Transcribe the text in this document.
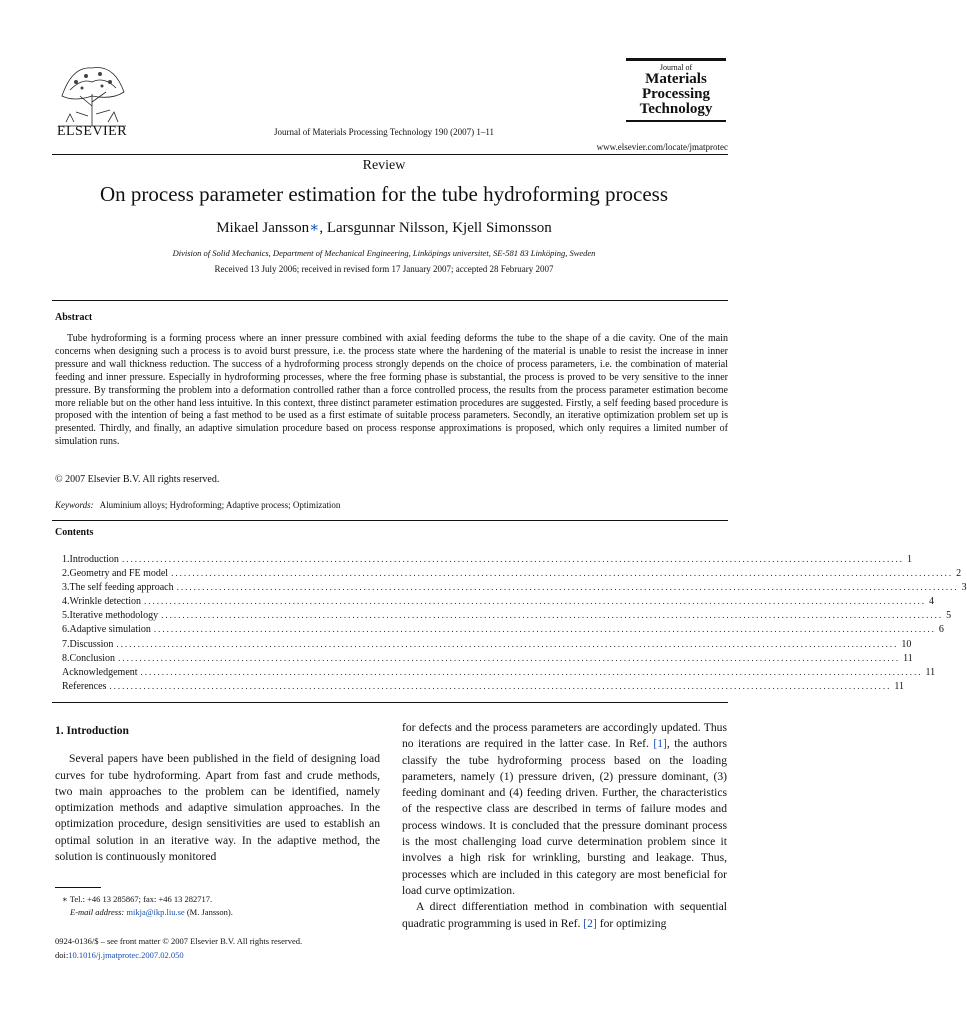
ELSEVIER	Journal of Materials Processing Technology 190 (2007) 1–11
Journal of
Materials
Processing
Technology
www.elsevier.com/locate/jmatprotec
Review
On process parameter estimation for the tube hydroforming process
Mikael Jansson∗, Larsgunnar Nilsson, Kjell Simonsson
Division of Solid Mechanics, Department of Mechanical Engineering, Linköpings universitet, SE-581 83 Linköping, Sweden
Received 13 July 2006; received in revised form 17 January 2007; accepted 28 February 2007
Abstract
Tube hydroforming is a forming process where an inner pressure combined with axial feeding deforms the tube to the shape of a die cavity. One of the main concerns when designing such a process is to avoid burst pressure, i.e. the process state where the hardening of the material is unable to resist the increase in inner pressure and wall thickness reduction. The success of a hydroforming process strongly depends on the choice of process parameters, i.e. the combination of material feeding and inner pressure. Especially in hydroforming processes, where the free forming phase is substantial, the process is proved to be very sensitive to the inner pressure. By transforming the problem into a deformation controlled rather than a force controlled process, the results from the process parameter estimation become more reliable but on the other hand less intuitive. In this context, three distinct parameter estimation procedures are suggested. Firstly, a self feeding based procedure is proposed with the intention of being a fast method to be used as a first estimate of suitable process parameters. Secondly, an iterative optimization problem set up is presented. Thirdly, and finally, an adaptive simulation procedure based on process response approximations is proposed, which only requires a limited number of simulation runs.
© 2007 Elsevier B.V. All rights reserved.
Keywords: Aluminium alloys; Hydroforming; Adaptive process; Optimization
Contents
1. Introduction ........................................................................................................................................................................................ 1
2. Geometry and FE model ........................................................................................................................................................................................ 2
3. The self feeding approach ........................................................................................................................................................................................ 3
4. Wrinkle detection ........................................................................................................................................................................................ 4
5. Iterative methodology ........................................................................................................................................................................................ 5
6. Adaptive simulation ........................................................................................................................................................................................ 6
7. Discussion ........................................................................................................................................................................................ 10
8. Conclusion ........................................................................................................................................................................................ 11
Acknowledgement ........................................................................................................................................................................................ 11
References ........................................................................................................................................................................................ 11
1. Introduction

Several papers have been published in the field of designing load curves for tube hydroforming. Apart from fast and crude methods, two main approaches to the problem can be identified, namely optimization methods and adaptive simulation approaches. In the optimization procedure, design sensitivities are used to establish an optimal solution in an iterative way. In the adaptive method, the solution is continuously monitored

for defects and the process parameters are accordingly updated. Thus no iterations are required in the latter case. In Ref. [1], the authors classify the tube hydroforming process based on the loading parameters, namely (1) pressure driven, (2) pressure dominant, (3) feeding dominant and (4) feeding driven. Further, the characteristics of the respective class are described in terms of failure modes and process windows. It is concluded that the pressure dominant process is the most challenging load curve determination problem since it involves a high risk for wrinkling, bursting and leakage. Thus, processes which are included in this category are most beneficial for load curve optimization.

A direct differentiation method in combination with sequential quadratic programming is used in Ref. [2] for optimizing

∗ Tel.: +46 13 285867; fax: +46 13 282717.
E-mail address: mikja@ikp.liu.se (M. Jansson).
0924-0136/$ – see front matter © 2007 Elsevier B.V. All rights reserved.
doi:10.1016/j.jmatprotec.2007.02.050
